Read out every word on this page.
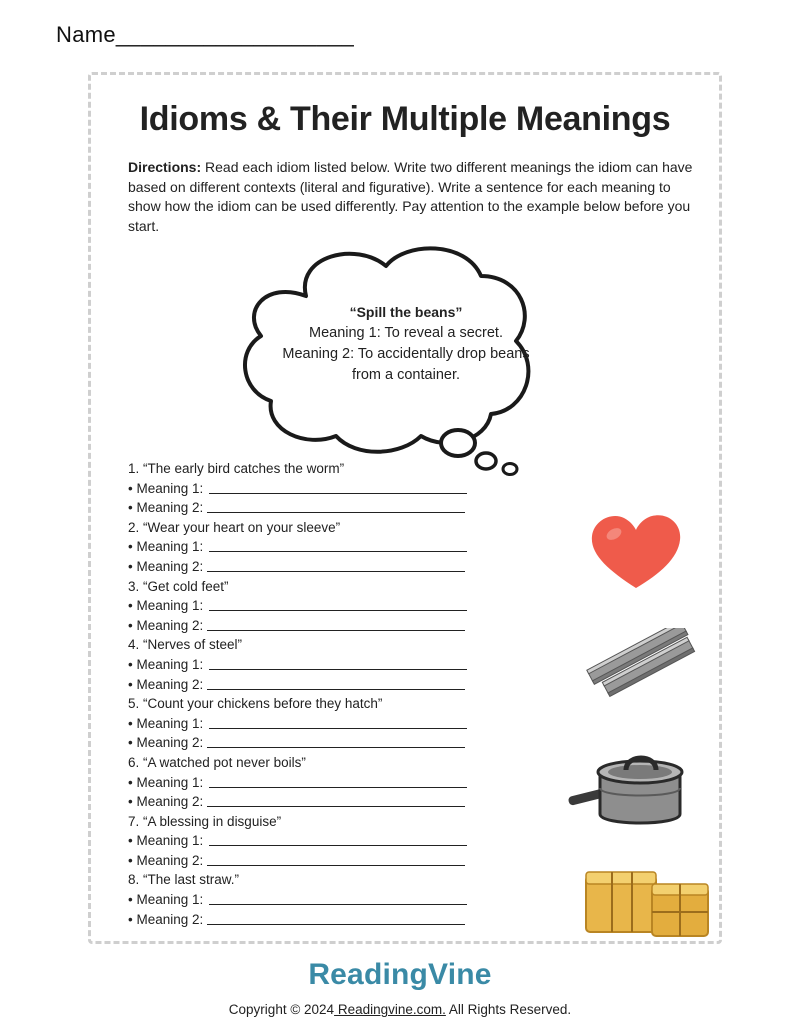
Name___________________
Idioms & Their Multiple Meanings
Directions: Read each idiom listed below. Write two different meanings the idiom can have based on different contexts (literal and figurative). Write a sentence for each meaning to show how the idiom can be used differently. Pay attention to the example below before you start.
“Spill the beans”
Meaning 1: To reveal a secret.
Meaning 2: To accidentally drop beans from a container.
1. “The early bird catches the worm”
• Meaning 1:
• Meaning 2:
2. “Wear your heart on your sleeve”
• Meaning 1:
• Meaning 2:
3. “Get cold feet”
• Meaning 1:
• Meaning 2:
4. “Nerves of steel”
• Meaning 1:
• Meaning 2:
5. “Count your chickens before they hatch”
• Meaning 1:
• Meaning 2:
6. “A watched pot never boils”
• Meaning 1:
• Meaning 2:
7. “A blessing in disguise”
• Meaning 1:
• Meaning 2:
8. “The last straw.”
• Meaning 1:
• Meaning 2:
ReadingVine
Copyright © 2024 Readingvine.com. All Rights Reserved.
